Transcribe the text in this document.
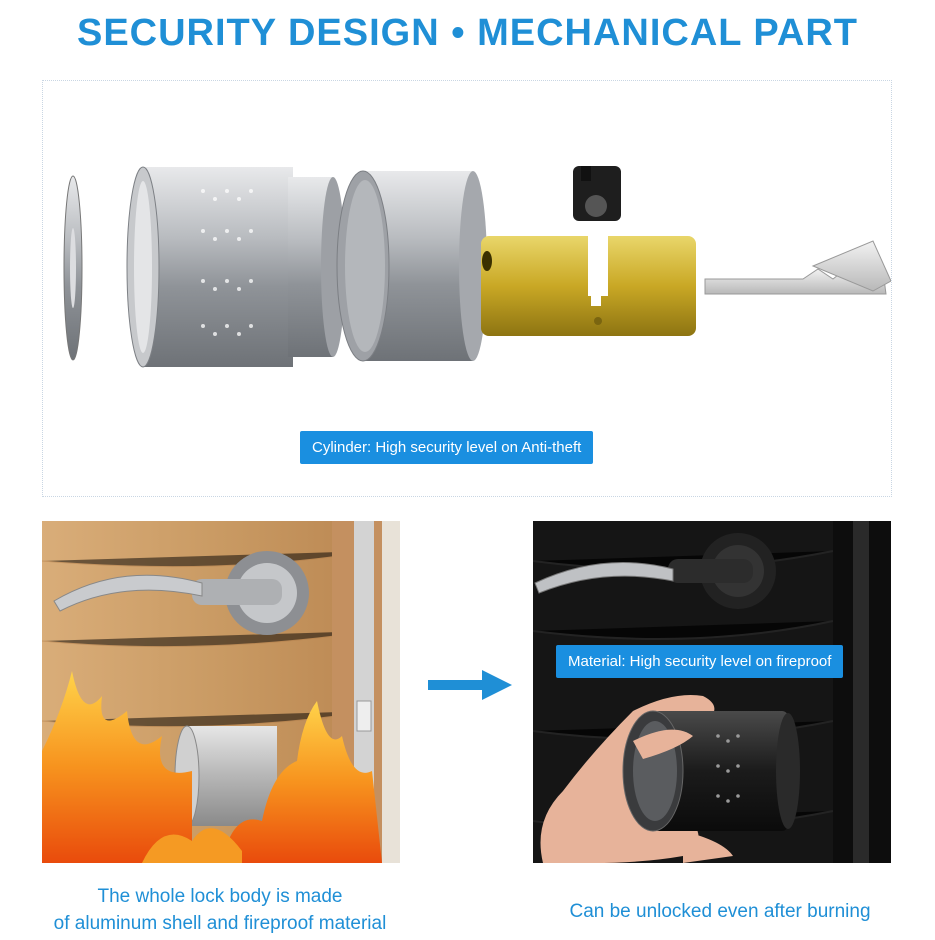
SECURITY DESIGN • MECHANICAL PART
Cylinder: High security level on Anti-theft
Material: High security level on fireproof
The whole lock body is made
of aluminum shell and fireproof material
Can be unlocked even after burning
